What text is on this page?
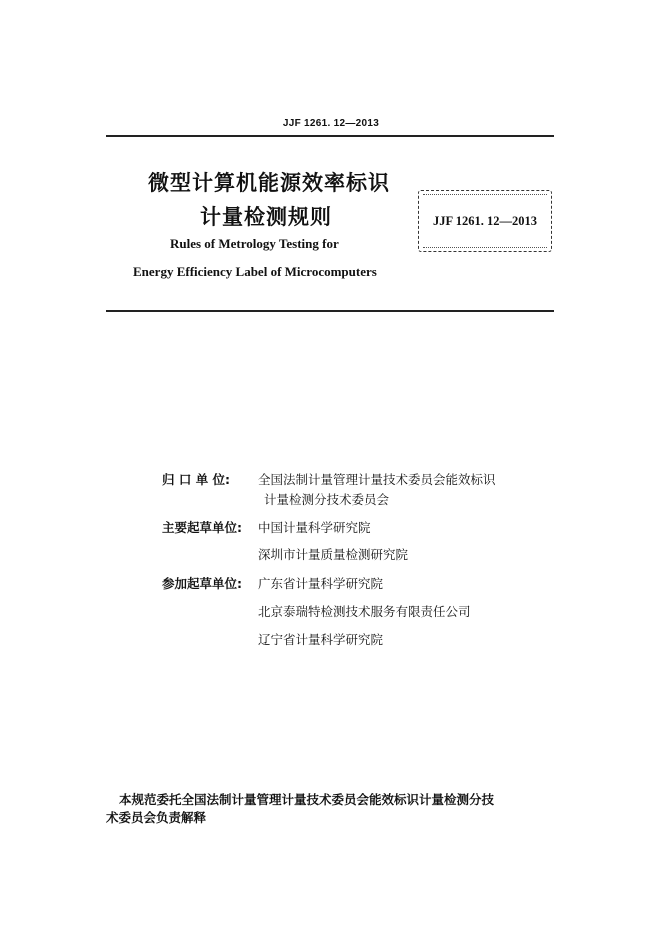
JJF 1261. 12—2013
微型计算机能源效率标识
计量检测规则
Rules of Metrology Testing for
Energy Efficiency Label of Microcomputers
JJF 1261. 12—2013
归 口 单 位: 全国法制计量管理计量技术委员会能效标识
计量检测分技术委员会
主要起草单位: 中国计量科学研究院
深圳市计量质量检测研究院
参加起草单位: 广东省计量科学研究院
北京泰瑞特检测技术服务有限责任公司
辽宁省计量科学研究院
本规范委托全国法制计量管理计量技术委员会能效标识计量检测分技
术委员会负责解释
